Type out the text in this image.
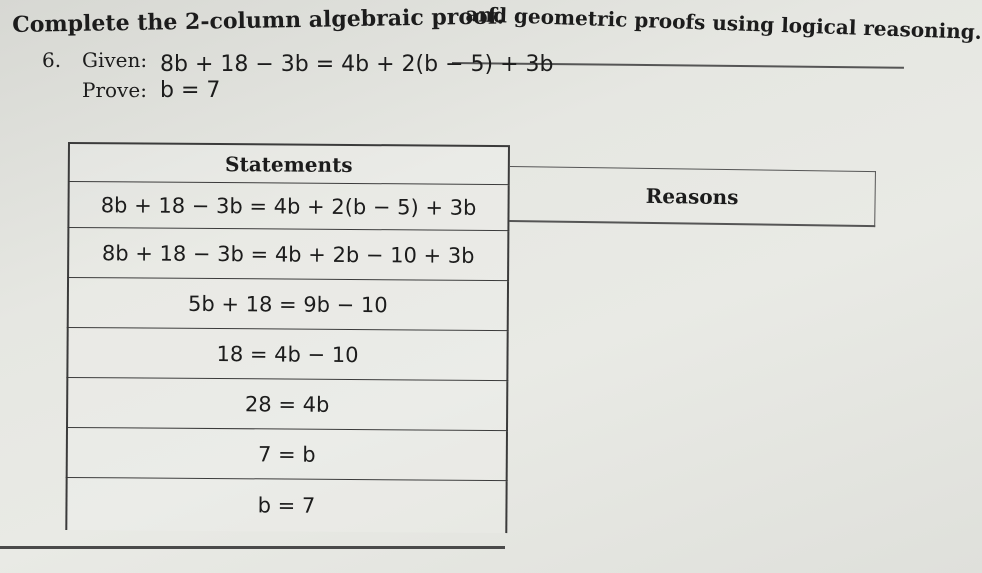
and geometric proofs using logical reasoning.
Complete the 2-column algebraic proof.
6.	Given: 8b + 18 − 3b = 4b + 2(b − 5) + 3b
Prove: b = 7
Statements
8b + 18 − 3b = 4b + 2(b − 5) + 3b
8b + 18 − 3b = 4b + 2b − 10 + 3b
5b + 18 = 9b − 10
18 = 4b − 10
28 = 4b
7 = b
b = 7
Reasons
